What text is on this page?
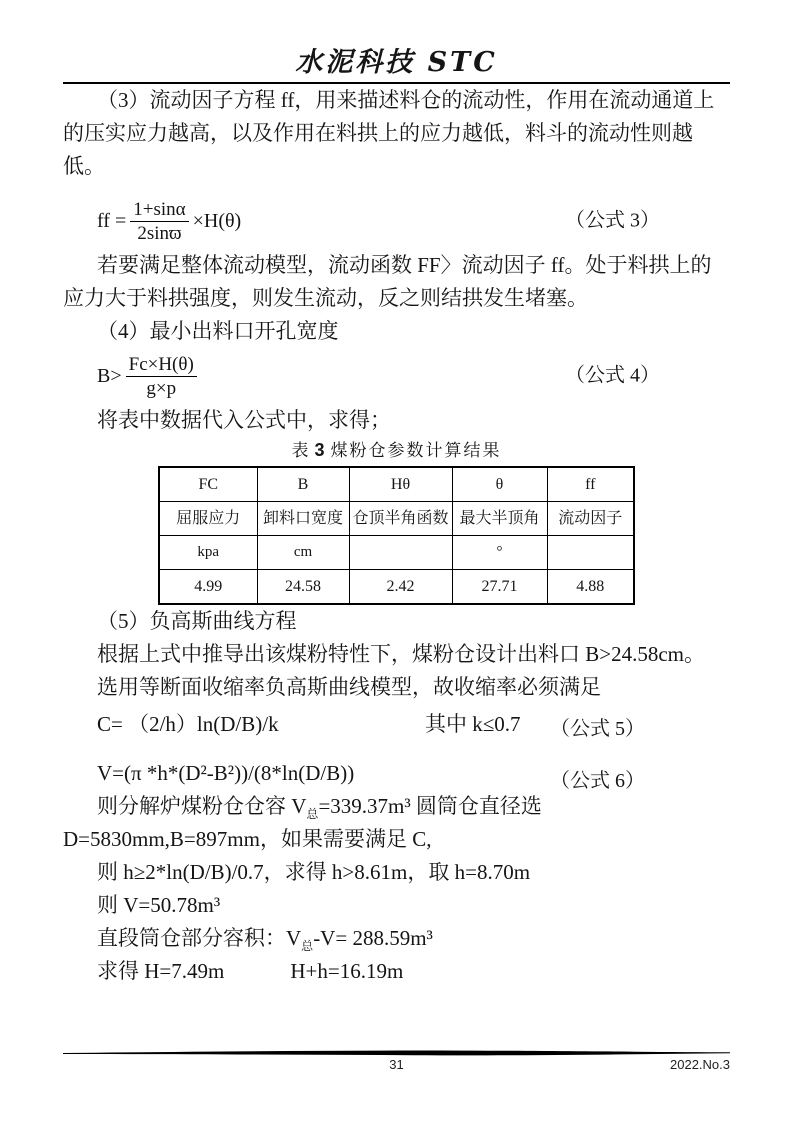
水泥科技 STC

（3）流动因子方程 ff，用来描述料仓的流动性，作用在流动通道上的压实应力越高，以及作用在料拱上的应力越低，料斗的流动性则越低。

ff = $\frac{1+\sin\alpha}{2\sin ϖ} \times H(\theta)$	（公式 3）

若要满足整体流动模型，流动函数 FF〉流动因子 ff。处于料拱上的应力大于料拱强度，则发生流动，反之则结拱发生堵塞。

（4）最小出料口开孔宽度

$B> \frac{Fc\times H(\theta)}{g\times p}$	（公式 4）

将表中数据代入公式中，求得；

表 3 煤粉仓参数计算结果
FC	B	Hθ	θ	ff
屈服应力	卸料口宽度	仓顶半角函数	最大半顶角	流动因子
kpa	cm		°	
4.99	24.58	2.42	27.71	4.88

（5）负高斯曲线方程

根据上式中推导出该煤粉特性下，煤粉仓设计出料口 B>24.58cm。

选用等断面收缩率负高斯曲线模型，故收缩率必须满足

C= （2/h）ln(D/B)/k	其中 k≤0.7 （公式 5）
V=(π *h*(D²-B²))/(8*ln(D/B))	（公式 6）

则分解炉煤粉仓仓容 $V_总=339.37m^3$ 圆筒仓直径选 D=5830mm,B=897mm，如果需要满足 C,

则 h≥2*ln(D/B)/0.7，求得 h>8.61m，取 h=8.70m

则 V=50.78m³

直段筒仓部分容积：$V_总-V= 288.59m^3$

求得 H=7.49m	H+h=16.19m

31	2022.No.3
